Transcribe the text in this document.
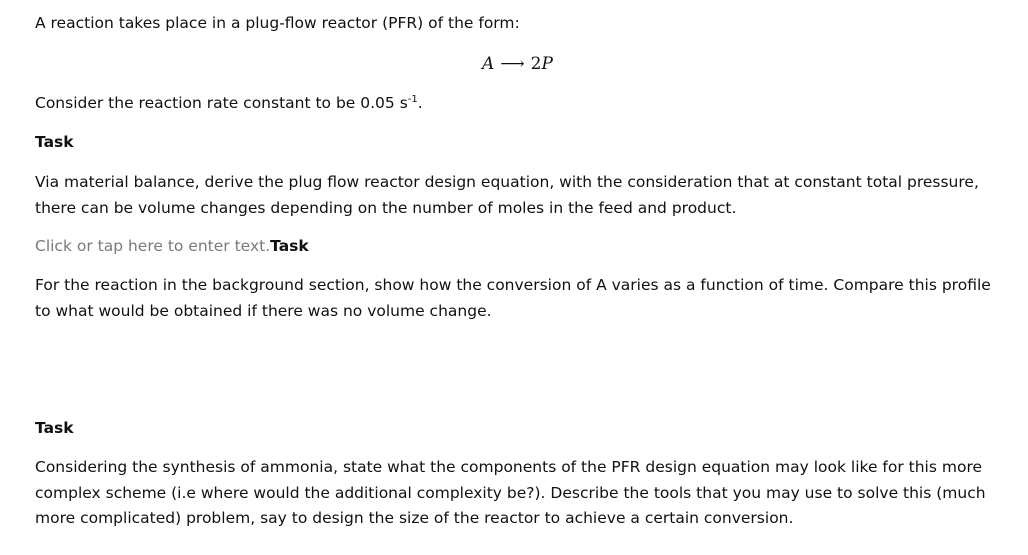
A reaction takes place in a plug-flow reactor (PFR) of the form:
A ⟶ 2P
Consider the reaction rate constant to be 0.05 $s^{-1}$.
Task
Via material balance, derive the plug flow reactor design equation, with the consideration that at constant total pressure, there can be volume changes depending on the number of moles in the feed and product.
Click or tap here to enter text.Task
For the reaction in the background section, show how the conversion of A varies as a function of time. Compare this profile to what would be obtained if there was no volume change.
Task
Considering the synthesis of ammonia, state what the components of the PFR design equation may look like for this more complex scheme (i.e where would the additional complexity be?). Describe the tools that you may use to solve this (much more complicated) problem, say to design the size of the reactor to achieve a certain conversion.
